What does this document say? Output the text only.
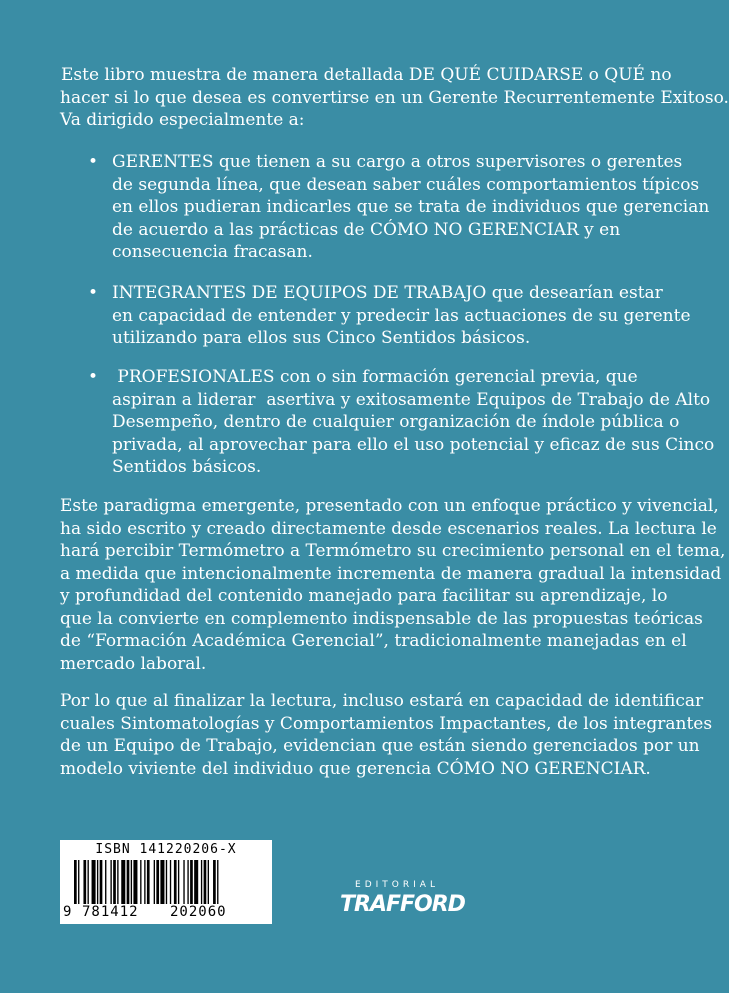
Este libro muestra de manera detallada DE QUÉ CUIDARSE o QUÉ no
hacer si lo que desea es convertirse en un Gerente Recurrentemente Exitoso.
Va dirigido especialmente a:

• GERENTES que tienen a su cargo a otros supervisores o gerentes
de segunda línea, que desean saber cuáles comportamientos típicos
en ellos pudieran indicarles que se trata de individuos que gerencian
de acuerdo a las prácticas de CÓMO NO GERENCIAR y en
consecuencia fracasan.

• INTEGRANTES DE EQUIPOS DE TRABAJO que desearían estar
en capacidad de entender y predecir las actuaciones de su gerente
utilizando para ellos sus Cinco Sentidos básicos.

• PROFESIONALES con o sin formación gerencial previa, que
aspiran a liderar  asertiva y exitosamente Equipos de Trabajo de Alto
Desempeño, dentro de cualquier organización de índole pública o
privada, al aprovechar para ello el uso potencial y eficaz de sus Cinco
Sentidos básicos.

Este paradigma emergente, presentado con un enfoque práctico y vivencial,
ha sido escrito y creado directamente desde escenarios reales. La lectura le
hará percibir Termómetro a Termómetro su crecimiento personal en el tema,
a medida que intencionalmente incrementa de manera gradual la intensidad
y profundidad del contenido manejado para facilitar su aprendizaje, lo
que la convierte en complemento indispensable de las propuestas teóricas
de “Formación Académica Gerencial”, tradicionalmente manejadas en el
mercado laboral.

Por lo que al finalizar la lectura, incluso estará en capacidad de identificar
cuales Sintomatologías y Comportamientos Impactantes, de los integrantes
de un Equipo de Trabajo, evidencian que están siendo gerenciados por un
modelo viviente del individuo que gerencia CÓMO NO GERENCIAR.

ISBN 141220206-X
9 781412 202060
EDITORIAL
TRAFFORD
